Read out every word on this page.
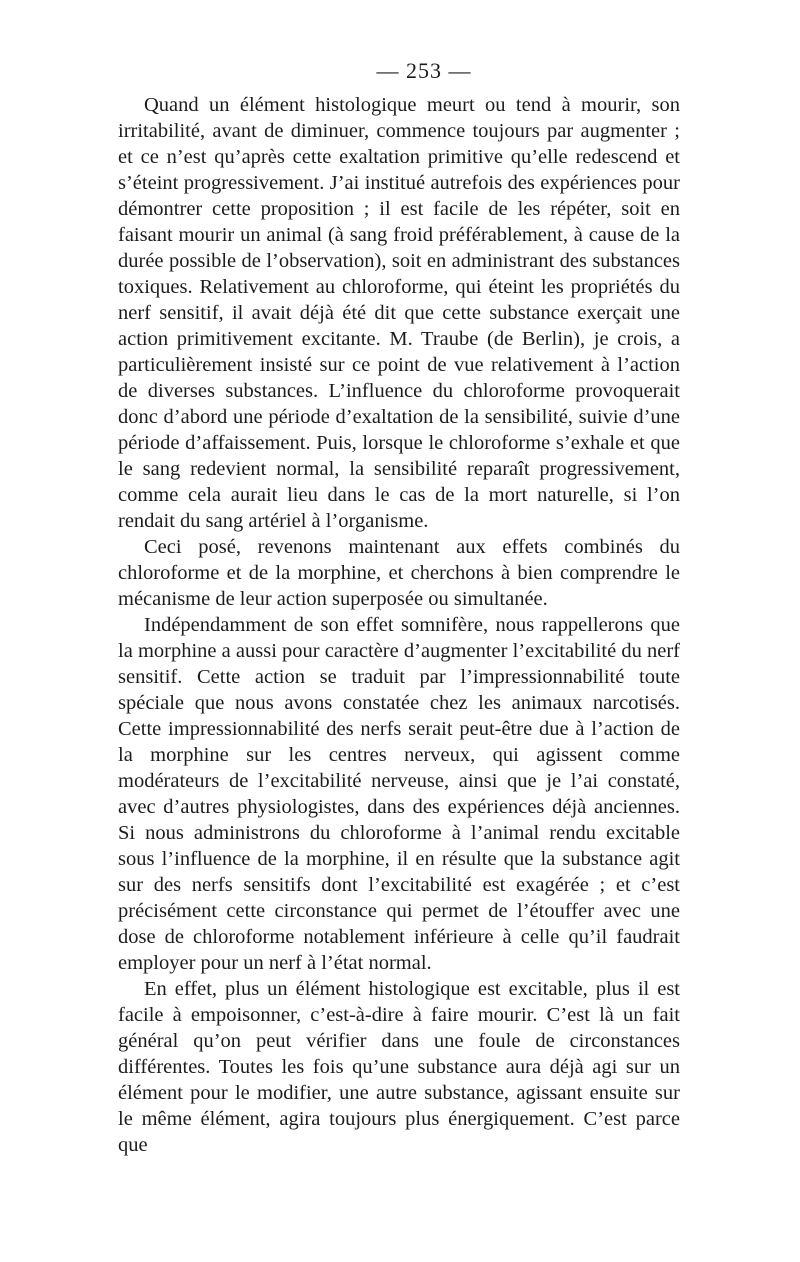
— 253 —

Quand un élément histologique meurt ou tend à mourir, son irritabilité, avant de diminuer, commence toujours par augmenter ; et ce n’est qu’après cette exaltation primitive qu’elle redescend et s’éteint progressivement. J’ai institué autrefois des expériences pour démontrer cette proposition ; il est facile de les répéter, soit en faisant mourir un animal (à sang froid préférablement, à cause de la durée possible de l’observation), soit en administrant des substances toxiques. Relativement au chloroforme, qui éteint les propriétés du nerf sensitif, il avait déjà été dit que cette substance exerçait une action primitivement excitante. M. Traube (de Berlin), je crois, a particulièrement insisté sur ce point de vue relativement à l’action de diverses substances. L’influence du chloroforme provoquerait donc d’abord une période d’exaltation de la sensibilité, suivie d’une période d’affaissement. Puis, lorsque le chloroforme s’exhale et que le sang redevient normal, la sensibilité reparaît progressivement, comme cela aurait lieu dans le cas de la mort naturelle, si l’on rendait du sang artériel à l’organisme.

Ceci posé, revenons maintenant aux effets combinés du chloroforme et de la morphine, et cherchons à bien comprendre le mécanisme de leur action superposée ou simultanée.

Indépendamment de son effet somnifère, nous rappellerons que la morphine a aussi pour caractère d’augmenter l’excitabilité du nerf sensitif. Cette action se traduit par l’impressionnabilité toute spéciale que nous avons constatée chez les animaux narcotisés. Cette impressionnabilité des nerfs serait peut-être due à l’action de la morphine sur les centres nerveux, qui agissent comme modérateurs de l’excitabilité nerveuse, ainsi que je l’ai constaté, avec d’autres physiologistes, dans des expériences déjà anciennes. Si nous administrons du chloroforme à l’animal rendu excitable sous l’influence de la morphine, il en résulte que la substance agit sur des nerfs sensitifs dont l’excitabilité est exagérée ; et c’est précisément cette circonstance qui permet de l’étouffer avec une dose de chloroforme notablement inférieure à celle qu’il faudrait employer pour un nerf à l’état normal.

En effet, plus un élément histologique est excitable, plus il est facile à empoisonner, c’est-à-dire à faire mourir. C’est là un fait général qu’on peut vérifier dans une foule de circonstances différentes. Toutes les fois qu’une substance aura déjà agi sur un élément pour le modifier, une autre substance, agissant ensuite sur le même élément, agira toujours plus énergiquement. C’est parce que
